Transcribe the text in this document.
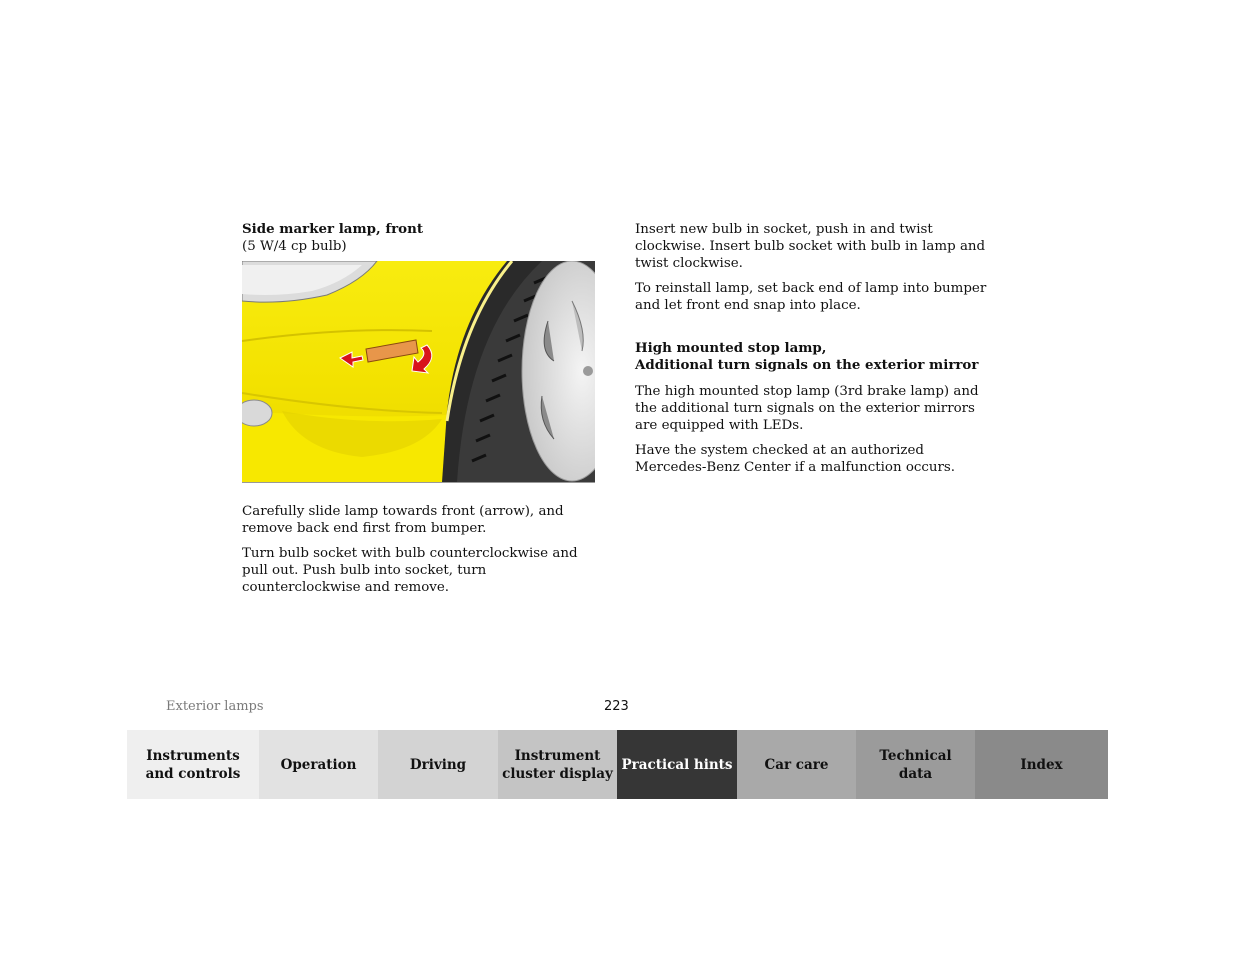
Side marker lamp, front
(5 W/4 cp bulb)

Carefully slide lamp towards front (arrow), and remove back end first from bumper.

Turn bulb socket with bulb counterclockwise and pull out. Push bulb into socket, turn counterclockwise and remove.

Insert new bulb in socket, push in and twist clockwise. Insert bulb socket with bulb in lamp and twist clockwise.

To reinstall lamp, set back end of lamp into bumper and let front end snap into place.

High mounted stop lamp,
Additional turn signals on the exterior mirror

The high mounted stop lamp (3rd brake lamp) and the additional turn signals on the exterior mirrors are equipped with LEDs.

Have the system checked at an authorized Mercedes-Benz Center if a malfunction occurs.

Exterior lamps	223
Instruments
and controls
Operation	Driving
Instrument
cluster display
Practical hints	Car care
Technical
data
Index
